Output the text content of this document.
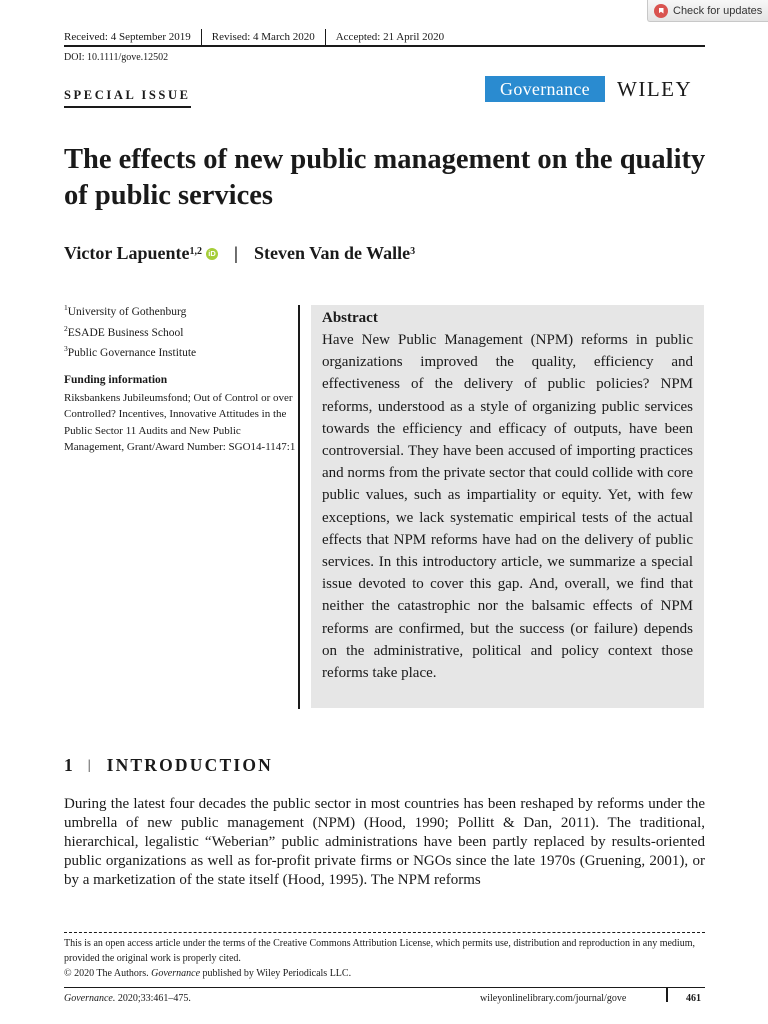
Check for updates
Received: 4 September 2019	Revised: 4 March 2020	Accepted: 21 April 2020
DOI: 10.1111/gove.12502
SPECIAL ISSUE	Governance	WILEY
The effects of new public management on the quality of public services
Victor Lapuente$^{1,2}$ iD | Steven Van de Walle$^3$
$^1$University of Gothenburg
$^2$ESADE Business School
$^3$Public Governance Institute
Funding information
Riksbankens Jubileumsfond; Out of Control or over Controlled? Incentives, Innovative Attitudes in the Public Sector 11 Audits and New Public Management, Grant/Award Number: SGO14-1147:1

Abstract

Have New Public Management (NPM) reforms in public organizations improved the quality, efficiency and effectiveness of the delivery of public policies? NPM reforms, understood as a style of organizing public services towards the efficiency and efficacy of outputs, have been controversial. They have been accused of importing practices and norms from the private sector that could collide with core public values, such as impartiality or equity. Yet, with few exceptions, we lack systematic empirical tests of the actual effects that NPM reforms have had on the delivery of public services. In this introductory article, we summarize a special issue devoted to cover this gap. And, overall, we find that neither the catastrophic nor the balsamic effects of NPM reforms are confirmed, but the success (or failure) depends on the administrative, political and policy context those reforms take place.

1 | INTRODUCTION

During the latest four decades the public sector in most countries has been reshaped by reforms under the umbrella of new public management (NPM) (Hood, 1990; Pollitt & Dan, 2011). The traditional, hierarchical, legalistic “Weberian” public administrations have been partly replaced by results-oriented public organizations as well as for-profit private firms or NGOs since the late 1970s (Gruening, 2001), or by a marketization of the state itself (Hood, 1995). The NPM reforms

This is an open access article under the terms of the Creative Commons Attribution License, which permits use, distribution and reproduction in any medium, provided the original work is properly cited.
© 2020 The Authors. Governance published by Wiley Periodicals LLC.
Governance. 2020;33:461–475.	wileyonlinelibrary.com/journal/gove	461
